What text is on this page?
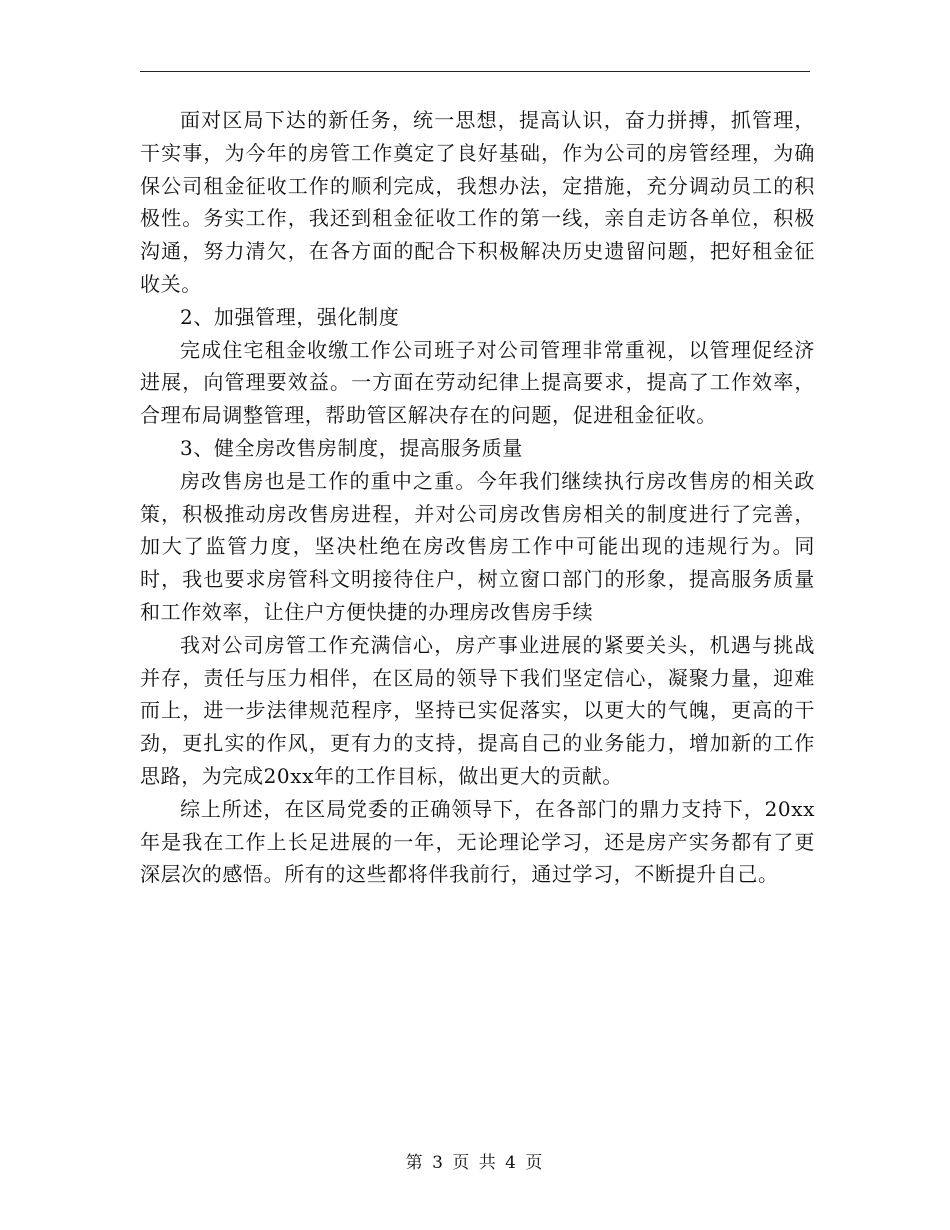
面对区局下达的新任务，统一思想，提高认识，奋力拼搏，抓管理，干实事，为今年的房管工作奠定了良好基础，作为公司的房管经理，为确保公司租金征收工作的顺利完成，我想办法，定措施，充分调动员工的积极性。务实工作，我还到租金征收工作的第一线，亲自走访各单位，积极沟通，努力清欠，在各方面的配合下积极解决历史遗留问题，把好租金征收关。

2、加强管理，强化制度

完成住宅租金收缴工作公司班子对公司管理非常重视，以管理促经济进展，向管理要效益。一方面在劳动纪律上提高要求，提高了工作效率，合理布局调整管理，帮助管区解决存在的问题，促进租金征收。

3、健全房改售房制度，提高服务质量

房改售房也是工作的重中之重。今年我们继续执行房改售房的相关政策，积极推动房改售房进程，并对公司房改售房相关的制度进行了完善，加大了监管力度，坚决杜绝在房改售房工作中可能出现的违规行为。同时，我也要求房管科文明接待住户，树立窗口部门的形象，提高服务质量和工作效率，让住户方便快捷的办理房改售房手续

我对公司房管工作充满信心，房产事业进展的紧要关头，机遇与挑战并存，责任与压力相伴，在区局的领导下我们坚定信心，凝聚力量，迎难而上，进一步法律规范程序，坚持已实促落实，以更大的气魄，更高的干劲，更扎实的作风，更有力的支持，提高自己的业务能力，增加新的工作思路，为完成20xx年的工作目标，做出更大的贡献。

综上所述，在区局党委的正确领导下，在各部门的鼎力支持下，20xx年是我在工作上长足进展的一年，无论理论学习，还是房产实务都有了更深层次的感悟。所有的这些都将伴我前行，通过学习，不断提升自己。

第 3 页 共 4 页
